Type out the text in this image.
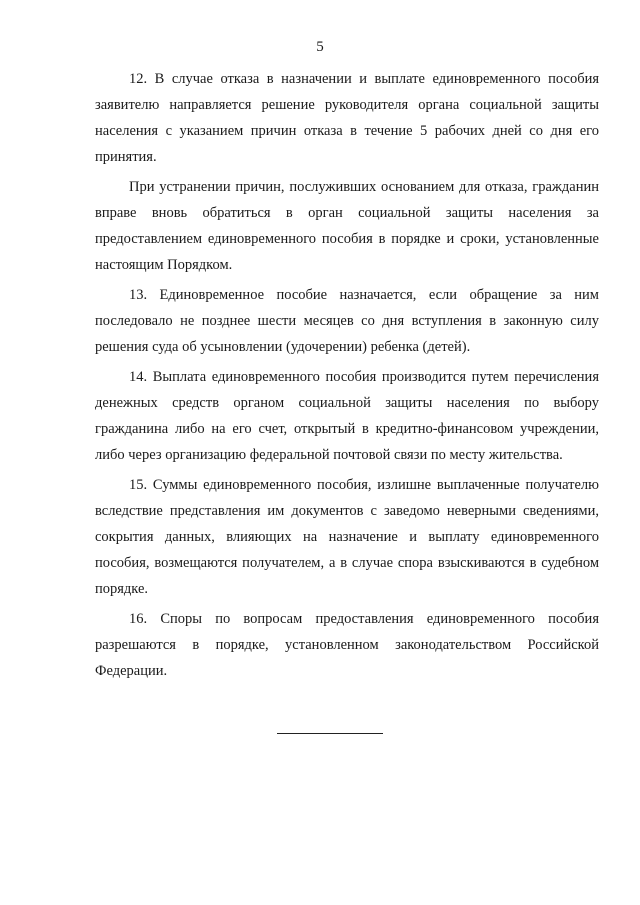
5

12. В случае отказа в назначении и выплате единовременного пособия заявителю направляется решение руководителя органа социальной защиты населения с указанием причин отказа в течение 5 рабочих дней со дня его принятия.

При устранении причин, послуживших основанием для отказа, гражданин вправе вновь обратиться в орган социальной защиты населения за предоставлением единовременного пособия в порядке и сроки, установленные настоящим Порядком.

13. Единовременное пособие назначается, если обращение за ним последовало не позднее шести месяцев со дня вступления в законную силу решения суда об усыновлении (удочерении) ребенка (детей).

14. Выплата единовременного пособия производится путем перечисления денежных средств органом социальной защиты населения по выбору гражданина либо на его счет, открытый в кредитно-финансовом учреждении, либо через организацию федеральной почтовой связи по месту жительства.

15. Суммы единовременного пособия, излишне выплаченные получателю вследствие представления им документов с заведомо неверными сведениями, сокрытия данных, влияющих на назначение и выплату единовременного пособия, возмещаются получателем, а в случае спора взыскиваются в судебном порядке.

16. Споры по вопросам предоставления единовременного пособия разрешаются в порядке, установленном законодательством Российской Федерации.
